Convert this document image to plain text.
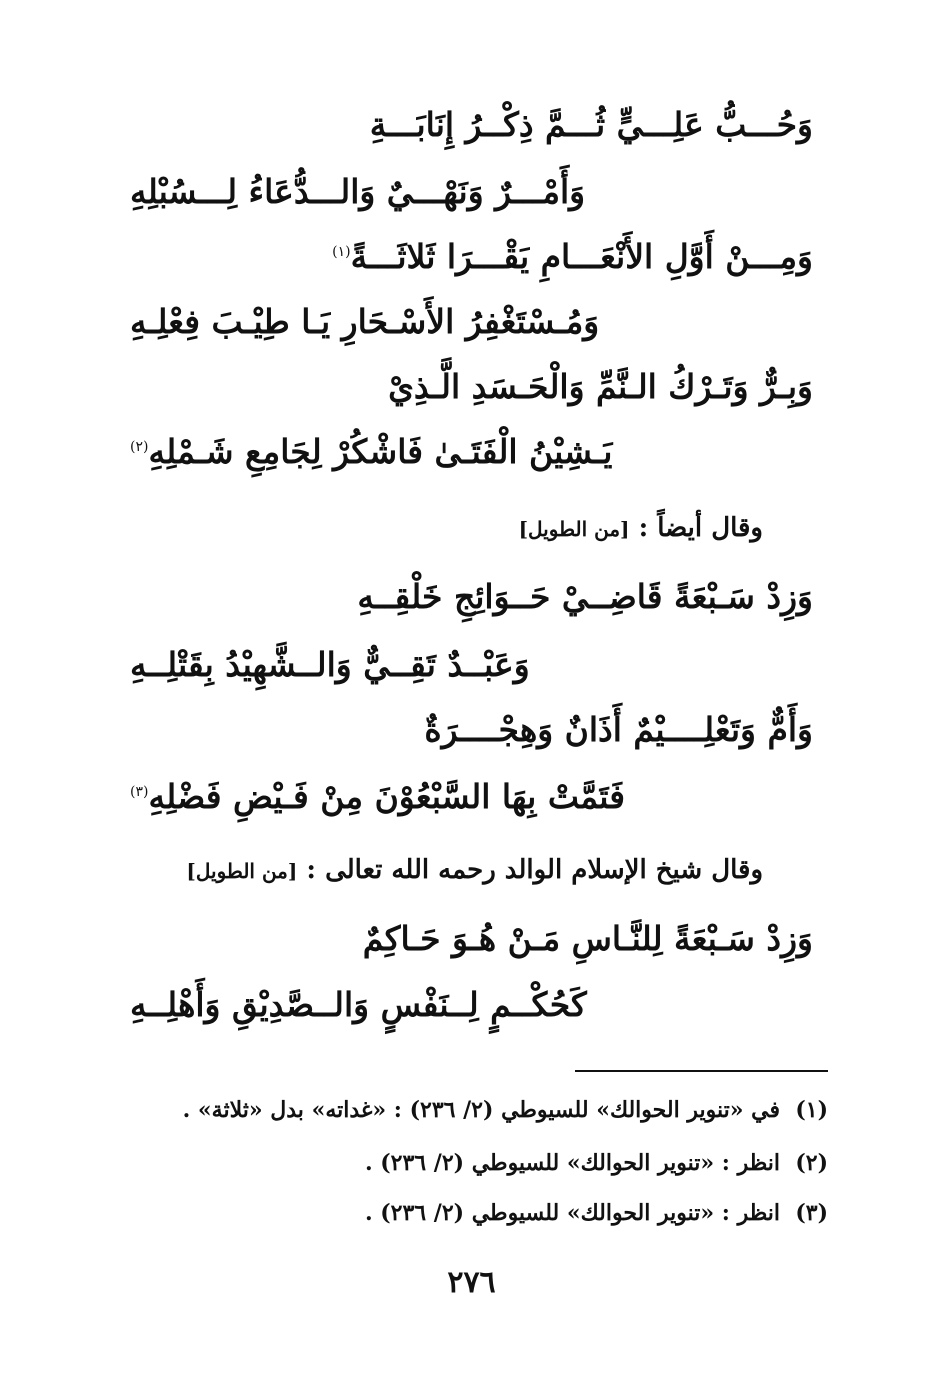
وَحُـــبُّ عَلِـــيٍّ ثُـــمَّ ذِكْــرُ إِنَابَـــةِ
وَأَمْـــرٌ وَنَهْـــيٌ وَالـــدُّعَاءُ لِـــسُبْلِهِ
وَمِـــنْ أَوَّلِ الأَنْعَـــامِ يَقْـــرَا ثَلاثَـــةً$^{(١)}$
وَمُـسْتَغْفِرُ الأَسْـحَارِ يَـا طِيْـبَ فِعْلِـهِ
وَبِـرٌّ وَتَـرْكُ الـنَّمِّ وَالْحَـسَدِ الَّـذِيْ
يَـشِيْنُ الْفَتَـىٰ فَاشْكُرْ لِجَامِعِ شَـمْلِهِ$^{(٢)}$
وقال أيضاً : [من الطويل]
وَزِدْ سَـبْعَةً قَاضِــيْ حَــوَائِجِ خَلْقِــهِ
وَعَبْــدٌ تَقِــيٌّ وَالــشَّهِيْدُ بِقَتْلِــهِ
وَأَمٌّ وَتَعْلِــــيْمٌ أَذَانٌ وَهِجْــــرَةٌ
فَتَمَّتْ بِهَا السَّبْعُوْنَ مِنْ فَـيْضِ فَضْلِهِ$^{(٣)}$
وقال شيخ الإسلام الوالد رحمه الله تعالى : [من الطويل]
وَزِدْ سَـبْعَةً لِلنَّـاسِ مَـنْ هُـوَ حَـاكِمٌ
كَحُكْــمٍ لِــنَفْسٍ وَالــصَّدِيْقِ وَأَهْلِــهِ
(١)في «تنوير الحوالك» للسيوطي (٢/ ٢٣٦) : «غداته» بدل «ثلاثة» .
(٢)انظر : «تنوير الحوالك» للسيوطي (٢/ ٢٣٦) .
(٣)انظر : «تنوير الحوالك» للسيوطي (٢/ ٢٣٦) .
٢٧٦
